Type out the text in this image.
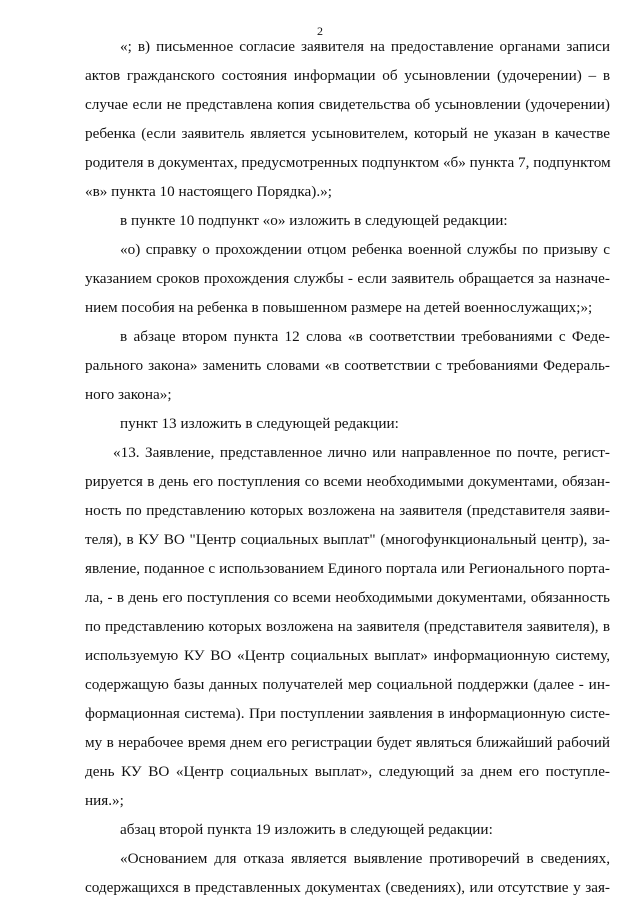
2
«; в) письменное согласие заявителя на предоставление органами записи
актов гражданского состояния информации об усыновлении (удочерении) – в
случае если не представлена копия свидетельства об усыновлении (удочерении)
ребенка (если заявитель является усыновителем, который не указан в качестве
родителя в документах, предусмотренных подпунктом «б» пункта 7, подпунктом
«в» пункта 10 настоящего Порядка).»;
в пункте 10 подпункт «о» изложить в следующей редакции:
«о) справку о прохождении отцом ребенка военной службы по призыву с
указанием сроков прохождения службы - если заявитель обращается за назначе-
нием пособия на ребенка в повышенном размере на детей военнослужащих;»;
в абзаце втором пункта 12 слова «в соответствии требованиями с Феде-
рального закона» заменить словами «в соответствии с требованиями Федераль-
ного закона»;
пункт 13 изложить в следующей редакции:
«13. Заявление, представленное лично или направленное по почте, регист-
рируется в день его поступления со всеми необходимыми документами, обязан-
ность по представлению которых возложена на заявителя (представителя заяви-
теля), в КУ ВО "Центр социальных выплат" (многофункциональный центр), за-
явление, поданное с использованием Единого портала или Регионального порта-
ла, - в день его поступления со всеми необходимыми документами, обязанность
по представлению которых возложена на заявителя (представителя заявителя), в
используемую КУ ВО «Центр социальных выплат» информационную систему,
содержащую базы данных получателей мер социальной поддержки (далее - ин-
формационная система). При поступлении заявления в информационную систе-
му в нерабочее время днем его регистрации будет являться ближайший рабочий
день КУ ВО «Центр социальных выплат», следующий за днем его поступле-
ния.»;
абзац второй пункта 19 изложить в следующей редакции:
«Основанием для отказа является выявление противоречий в сведениях,
содержащихся в представленных документах (сведениях), или отсутствие у зая-
